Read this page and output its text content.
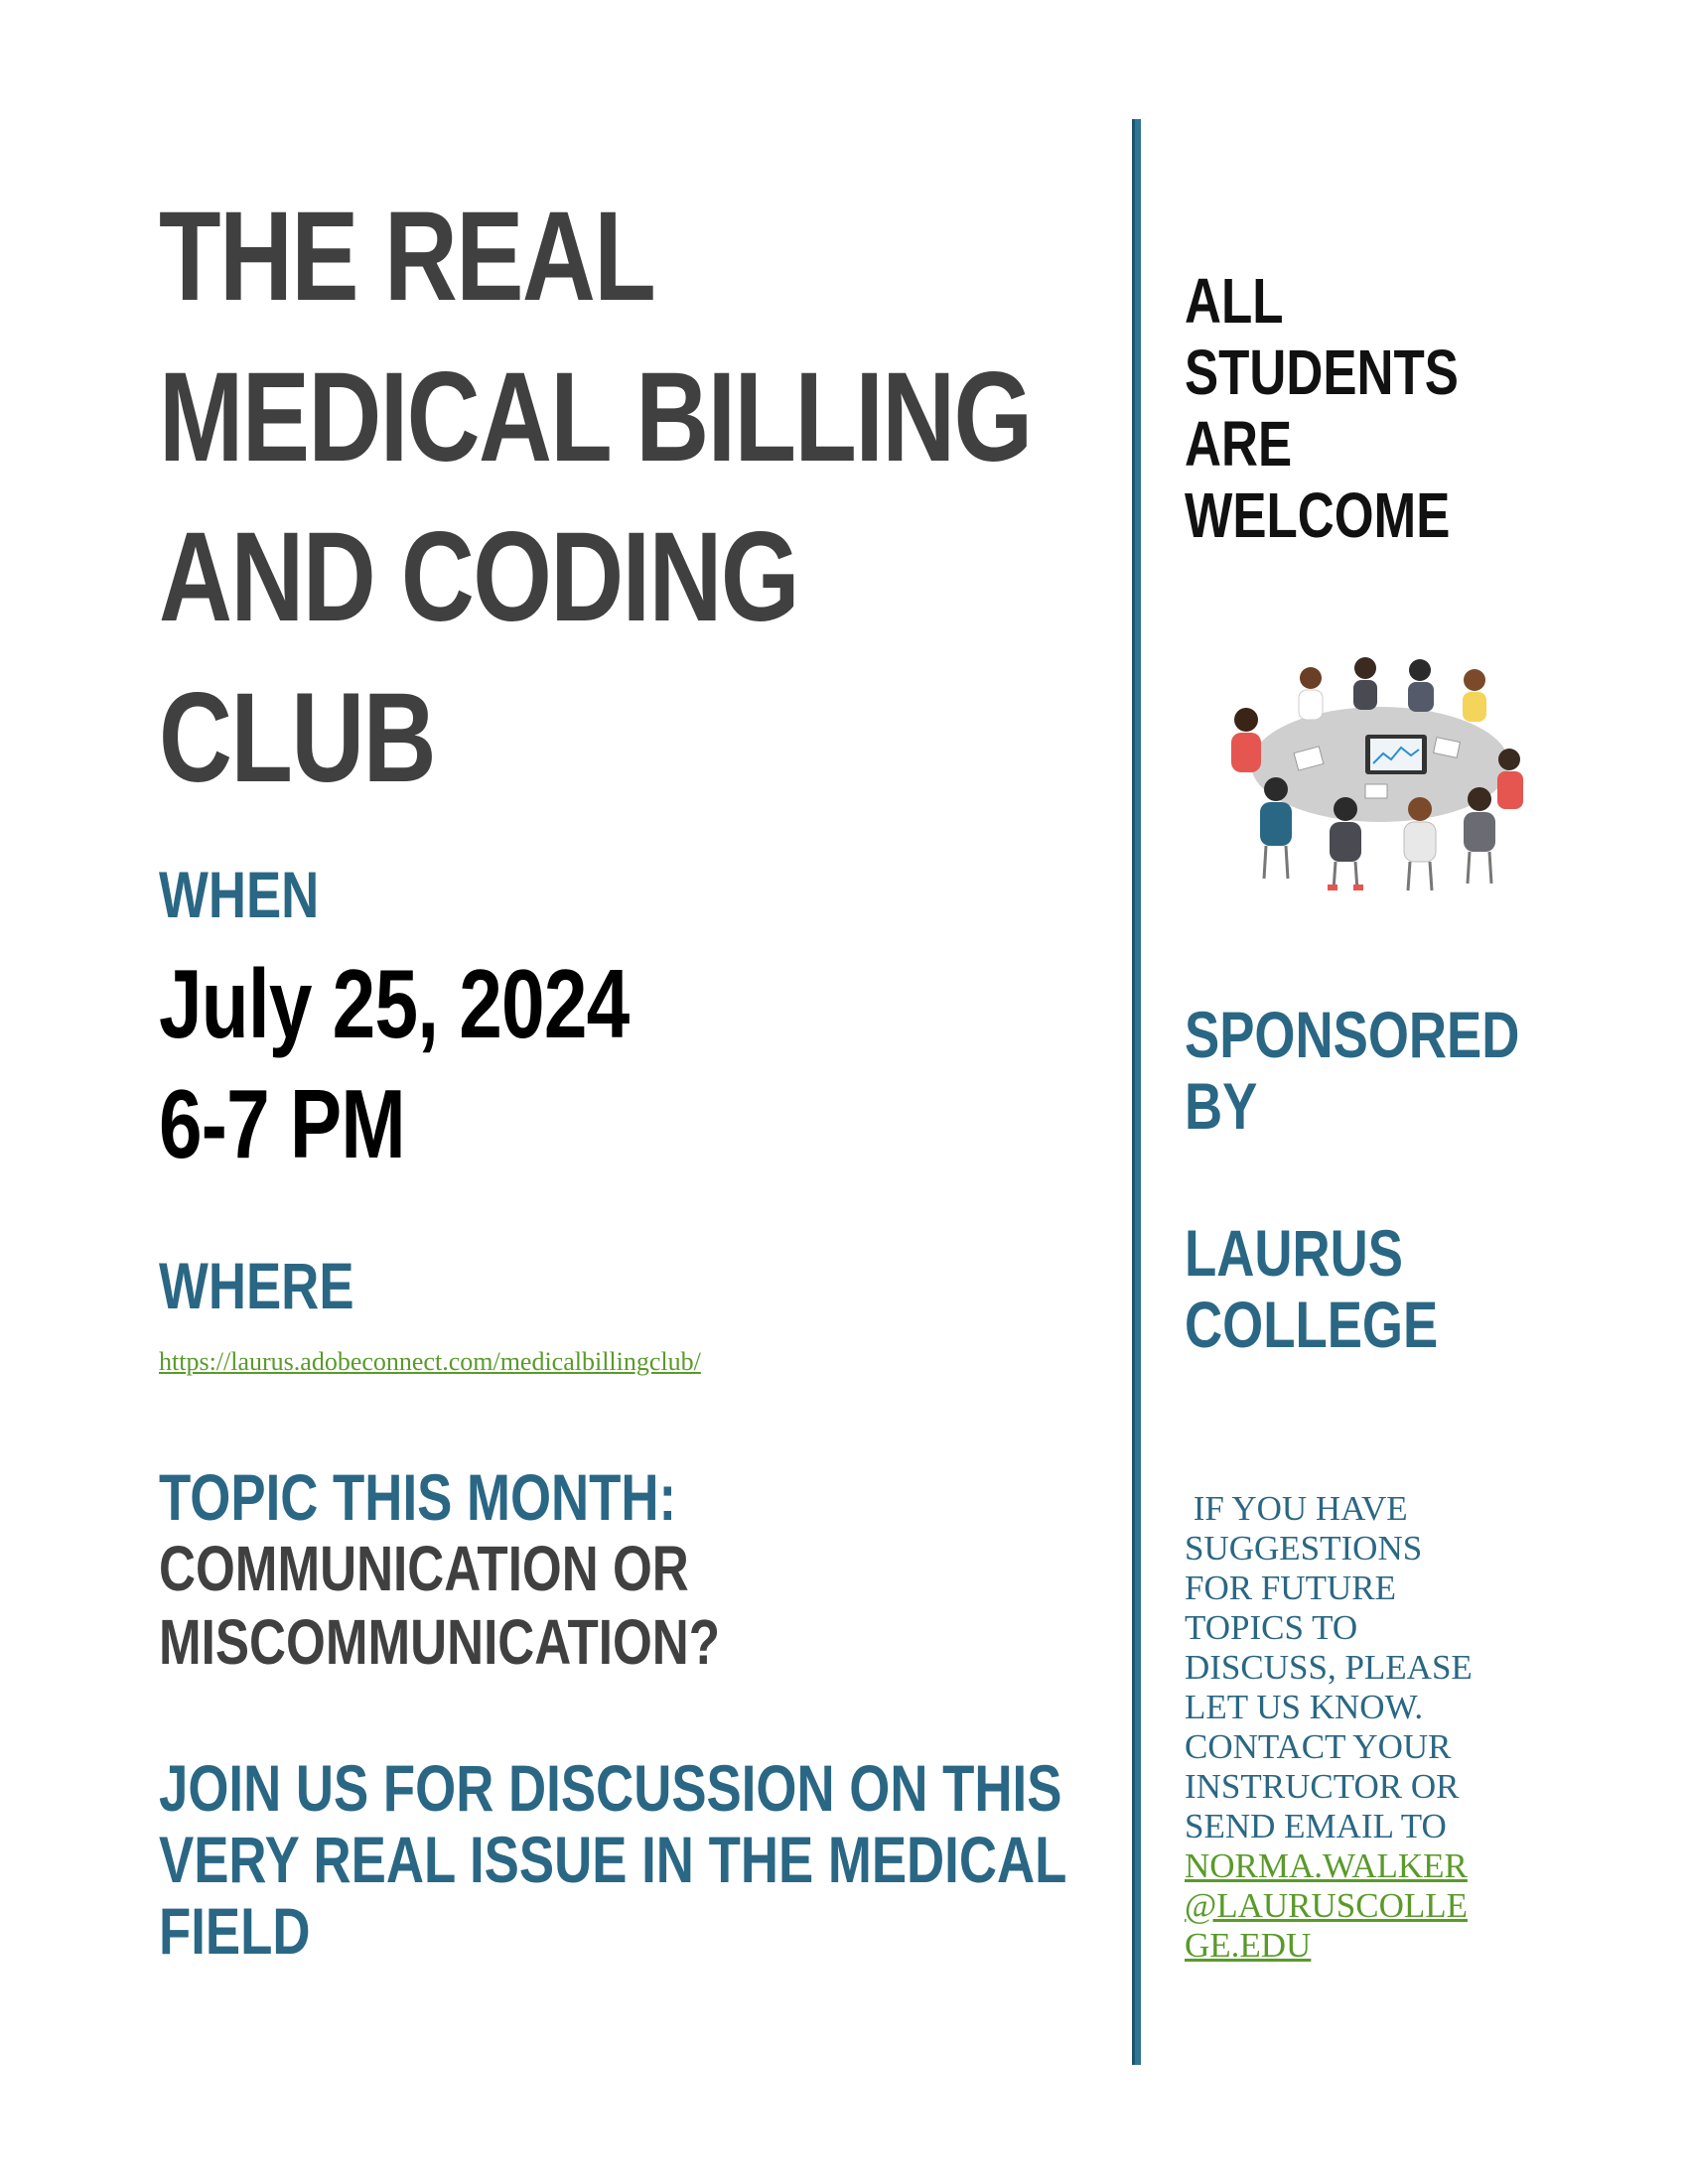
THE REAL
MEDICAL BILLING
AND CODING
CLUB
WHEN
July 25, 2024
6-7 PM
WHERE
https://laurus.adobeconnect.com/medicalbillingclub/
TOPIC THIS MONTH:
COMMUNICATION OR
MISCOMMUNICATION?
JOIN US FOR DISCUSSION ON THIS
VERY REAL ISSUE IN THE MEDICAL
FIELD
ALL
STUDENTS
ARE
WELCOME
SPONSORED
BY
LAURUS
COLLEGE
IF YOU HAVE
SUGGESTIONS
FOR FUTURE
TOPICS TO
DISCUSS, PLEASE
LET US KNOW.
CONTACT YOUR
INSTRUCTOR OR
SEND EMAIL TO
NORMA.WALKER
@LAURUSCOLLE
GE.EDU
